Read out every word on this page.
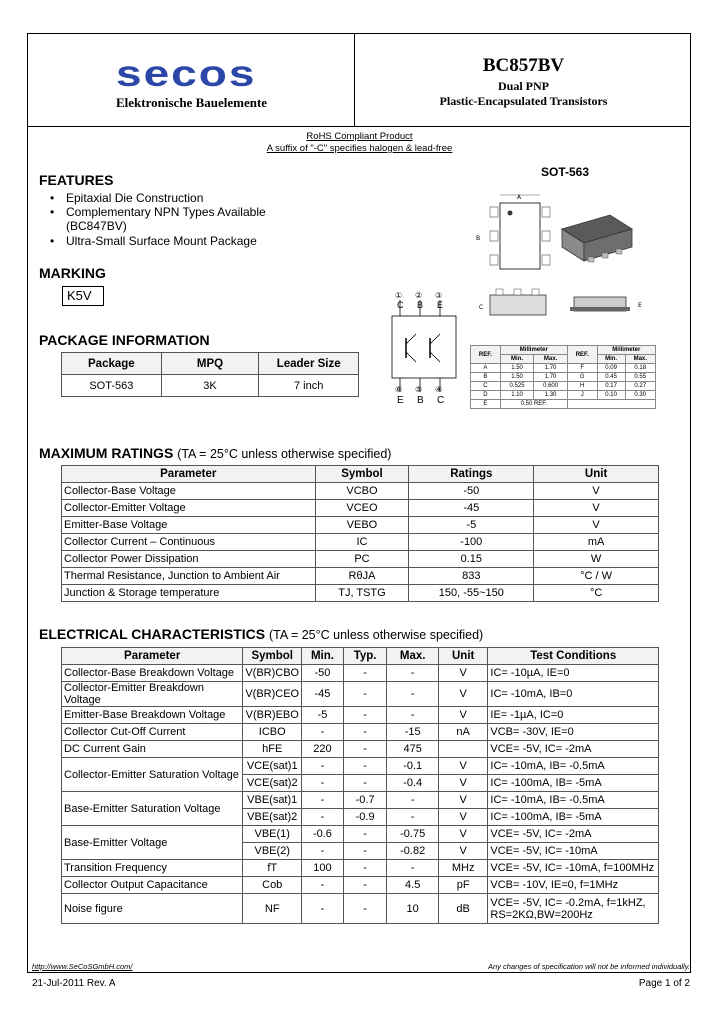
secos
Elektronische Bauelemente
BC857BV
Dual PNP
Plastic-Encapsulated Transistors
RoHS Compliant Product
A suffix of "-C" specifies halogen & lead-free
FEATURES
• Epitaxial Die Construction
• Complementary NPN Types Available
(BC847BV)
• Ultra-Small Surface Mount Package
MARKING
K5V
PACKAGE INFORMATION
Package	MPQ	Leader Size
SOT-563	3K	7 inch
SOT-563
A
B
C	E
① ② ③
C B E
⑥ ⑤ ④
E B C
REF.	Millimeter		REF.	Millimeter	
	Min.	Max.		Min.	Max.
A	1.50	1.70	F	0.09	0.18
B	1.50	1.70	G	0.45	0.55
C	0.525	0.600	H	0.17	0.27
D	1.10	1.30	J	0.10	0.30
E	0.50 REF.				
MAXIMUM RATINGS (TA = 25°C unless otherwise specified)
Parameter	Symbol	Ratings	Unit
Collector-Base Voltage	VCBO	-50	V
Collector-Emitter Voltage	VCEO	-45	V
Emitter-Base Voltage	VEBO	-5	V
Collector Current – Continuous	IC	-100	mA
Collector Power Dissipation	PC	0.15	W
Thermal Resistance, Junction to Ambient Air	RθJA	833	°C / W
Junction & Storage temperature	TJ, TSTG	150, -55~150	°C
ELECTRICAL CHARACTERISTICS (TA = 25°C unless otherwise specified)
Parameter	Symbol	Min.	Typ.	Max.	Unit	Test Conditions
Collector-Base Breakdown Voltage	V(BR)CBO	-50	-	-	V	IC= -10µA, IE=0
Collector-Emitter Breakdown Voltage	V(BR)CEO	-45	-	-	V	IC= -10mA, IB=0
Emitter-Base Breakdown Voltage	V(BR)EBO	-5	-	-	V	IE= -1µA, IC=0
Collector Cut-Off Current	ICBO	-	-	-15	nA	VCB= -30V, IE=0
DC Current Gain	hFE	220	-	475		VCE= -5V, IC= -2mA
Collector-Emitter Saturation Voltage	VCE(sat)1	-	-	-0.1	V	IC= -10mA, IB= -0.5mA
	VCE(sat)2	-	-	-0.4	V	IC= -100mA, IB= -5mA
Base-Emitter Saturation Voltage	VBE(sat)1	-	-0.7	-	V	IC= -10mA, IB= -0.5mA
	VBE(sat)2	-	-0.9	-	V	IC= -100mA, IB= -5mA
Base-Emitter Voltage	VBE(1)	-0.6	-	-0.75	V	VCE= -5V, IC= -2mA
	VBE(2)	-	-	-0.82	V	VCE= -5V, IC= -10mA
Transition Frequency	fT	100	-	-	MHz	VCE= -5V, IC= -10mA, f=100MHz
Collector Output Capacitance	Cob	-	-	4.5	pF	VCB= -10V, IE=0, f=1MHz
Noise figure	NF	-	-	10	dB	VCE= -5V, IC= -0.2mA, f=1kHZ, RS=2KΩ,BW=200Hz
http://www.SeCoSGmbH.com/	Any changes of specification will not be informed individually.
21-Jul-2011 Rev. A	Page 1 of 2
